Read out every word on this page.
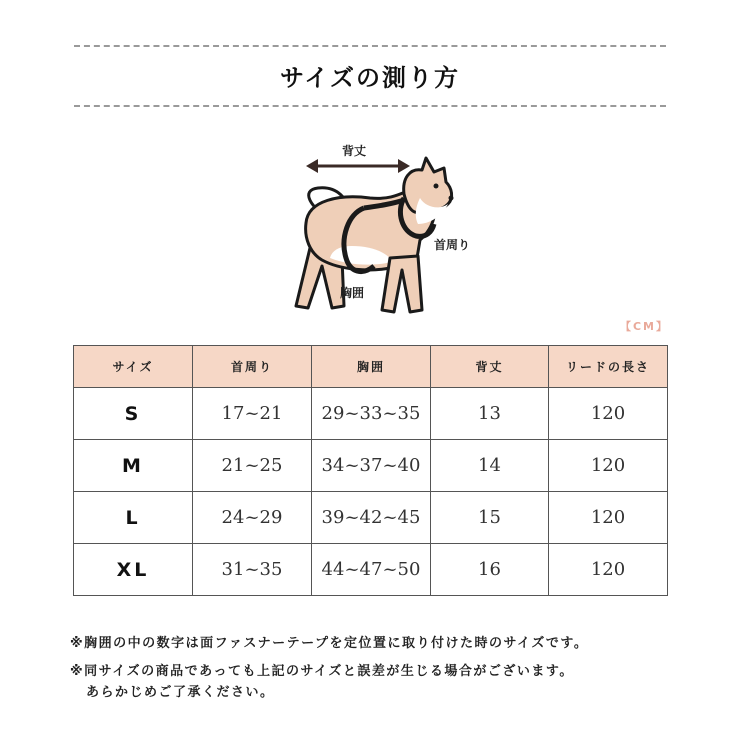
サイズの測り方
背丈
首周り
胸囲
【CM】
サイズ	首周り	胸囲	背丈	リードの長さ
S	17~21	29~33~35	13	120
M	21~25	34~37~40	14	120
L	24~29	39~42~45	15	120
XL	31~35	44~47~50	16	120
※胸囲の中の数字は面ファスナーテープを定位置に取り付けた時のサイズです。
※同サイズの商品であっても上記のサイズと誤差が生じる場合がございます。
あらかじめご了承ください。
